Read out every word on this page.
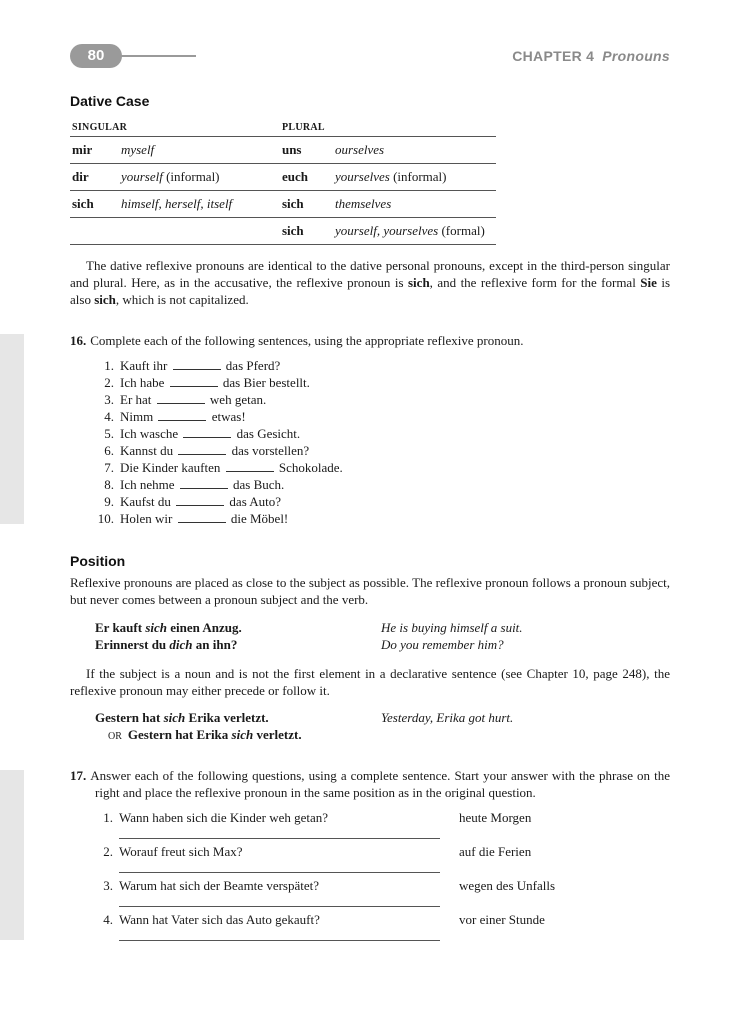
80	CHAPTER 4 Pronouns
Dative Case
SINGULAR		PLURAL	
mir	myself	uns	ourselves
dir	yourself (informal)	euch	yourselves (informal)
sich	himself, herself, itself	sich	themselves
		sich	yourself, yourselves (formal)
The dative reflexive pronouns are identical to the dative personal pronouns, except in the third-person singular and plural. Here, as in the accusative, the reflexive pronoun is sich, and the reflexive form for the formal Sie is also sich, which is not capitalized.
16. Complete each of the following sentences, using the appropriate reflexive pronoun.
1. Kauft ihr	das Pferd?
2. Ich habe	das Bier bestellt.
3. Er hat	weh getan.
4. Nimm	etwas!
5. Ich wasche	das Gesicht.
6. Kannst du	das vorstellen?
7. Die Kinder kauften	Schokolade.
8. Ich nehme	das Buch.
9. Kaufst du	das Auto?
10. Holen wir	die Möbel!
Position
Reflexive pronouns are placed as close to the subject as possible. The reflexive pronoun follows a pronoun subject, but never comes between a pronoun subject and the verb.
Er kauft sich einen Anzug.	He is buying himself a suit.
Erinnerst du dich an ihn?	Do you remember him?
If the subject is a noun and is not the first element in a declarative sentence (see Chapter 10, page 248), the reflexive pronoun may either precede or follow it.
Gestern hat sich Erika verletzt.	Yesterday, Erika got hurt.
OR Gestern hat Erika sich verletzt.
17. Answer each of the following questions, using a complete sentence. Start your answer with the phrase on the right and place the reflexive pronoun in the same position as in the original question.
1. Wann haben sich die Kinder weh getan?	heute Morgen
2. Worauf freut sich Max?	auf die Ferien
3. Warum hat sich der Beamte verspätet?	wegen des Unfalls
4. Wann hat Vater sich das Auto gekauft?	vor einer Stunde
